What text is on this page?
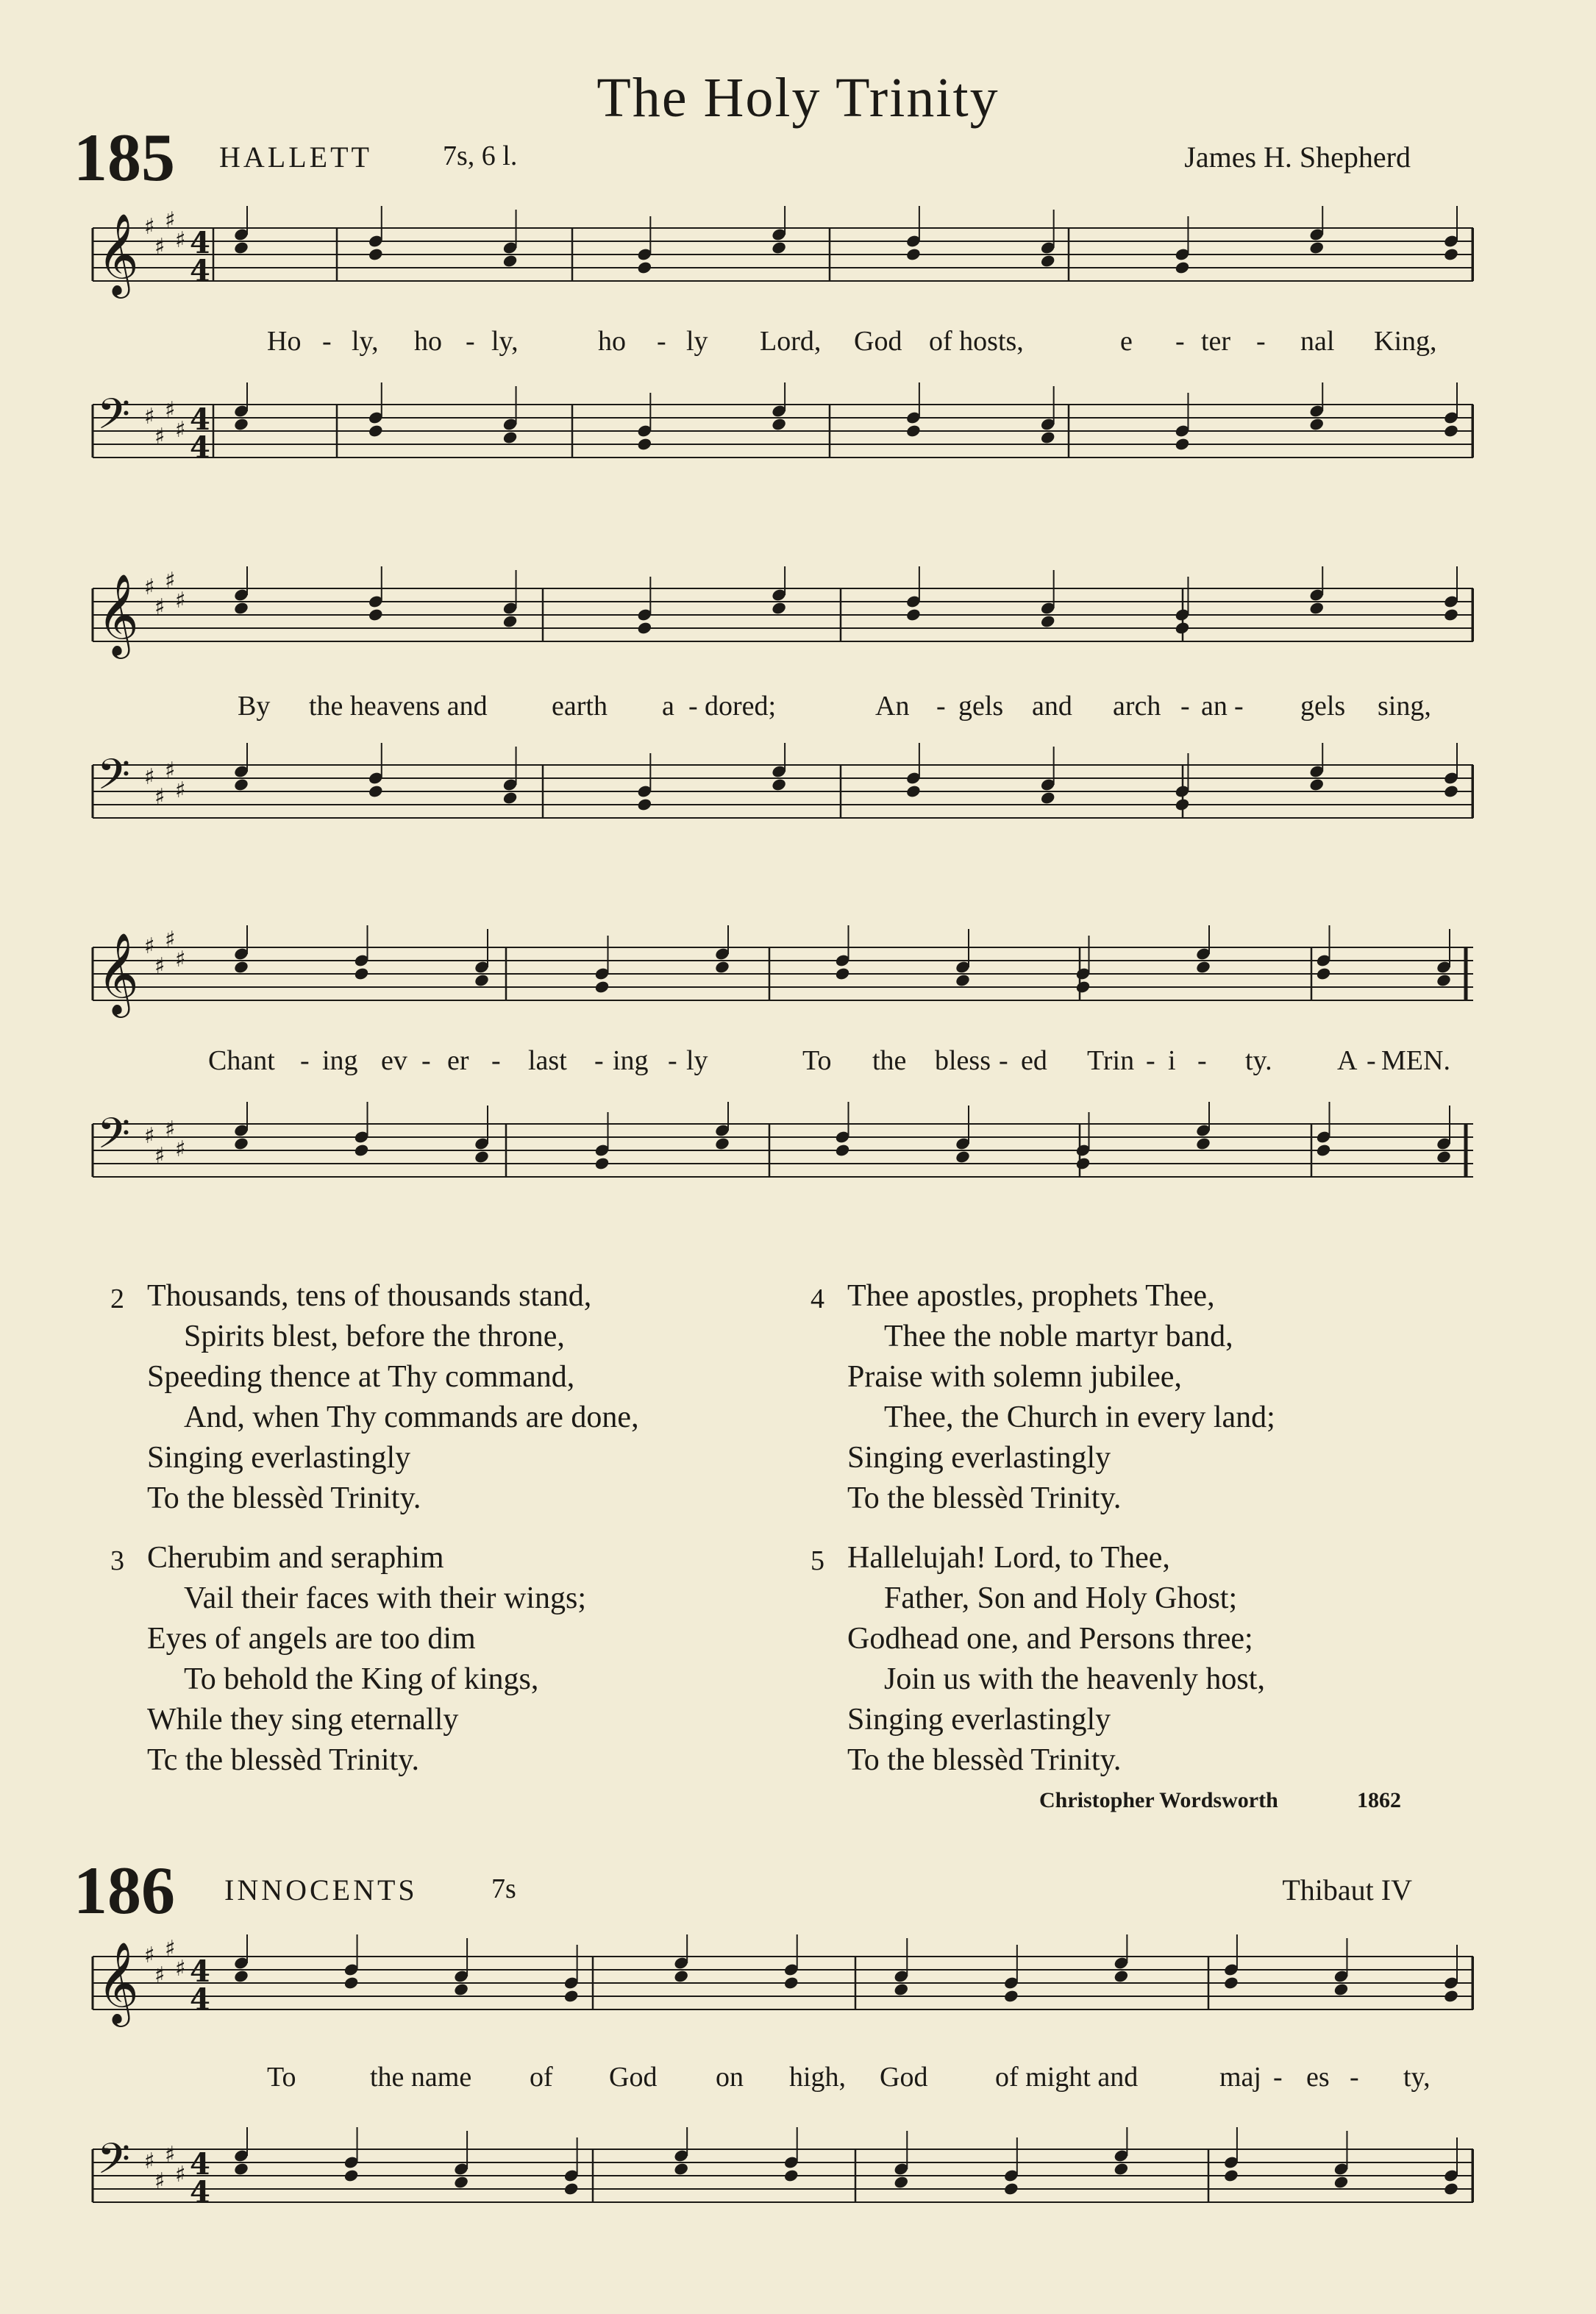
The Holy Trinity
185 HALLETT	7s, 6 l.	James H. Shepherd
𝄞 ♯
♯
♯
♯ 4
4
Ho - ly, ho - ly,	ho - ly Lord, God of hosts,	e - ter - nal King,
𝄢 ♯
♯
♯
♯ 4
4
𝄞 ♯
♯
♯
♯
By the heavens and earth a - dored;	An - gels and arch - an - gels sing,
𝄢 ♯
♯
♯
♯
𝄞 ♯
♯
♯
♯
Chant - ing ev - er - last - ing - ly	To the bless - ed Trin - i - ty. A - MEN.
𝄢 ♯
♯
♯
♯
2 Thousands, tens of thousands stand,
Spirits blest, before the throne,
Speeding thence at Thy command,
And, when Thy commands are done,
Singing everlastingly
To the blessèd Trinity.
4 Thee apostles, prophets Thee,
Thee the noble martyr band,
Praise with solemn jubilee,
Thee, the Church in every land;
Singing everlastingly
To the blessèd Trinity.
3 Cherubim and seraphim
Vail their faces with their wings;
Eyes of angels are too dim
To behold the King of kings,
While they sing eternally
Tc the blessèd Trinity.
5 Hallelujah! Lord, to Thee,
Father, Son and Holy Ghost;
Godhead one, and Persons three;
Join us with the heavenly host,
Singing everlastingly
To the blessèd Trinity.
Christopher Wordsworth	1862
186 INNOCENTS	7s	Thibaut IV
𝄞 ♯
♯
♯
♯ 4
4
To	the name of God on high, God of might and	maj - es - ty,
𝄢 ♯
♯
♯
♯ 4
4
